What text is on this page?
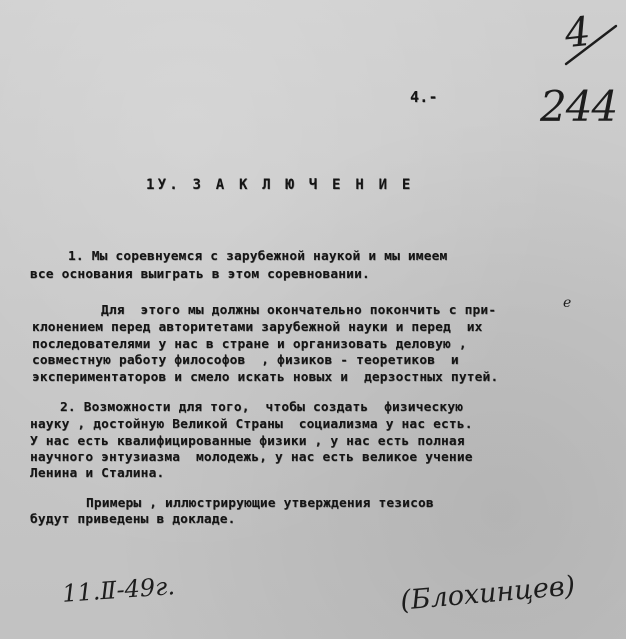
4
244
4.-
1У. З А К Л Ю Ч Е Н И Е
1. Мы соревнуемся с зарубежной наукой и мы имеем
все основания выиграть в этом соревновании.
е
Для  этого мы должны окончательно покончить с при-
клонением перед авторитетами зарубежной науки и перед  их
последователями у нас в стране и организовать деловую ,
совместную работу философов  , физиков - теоретиков  и
экспериментаторов и смело искать новых и  дерзостных путей.
2. Возможности для того,  чтобы создать  физическую
науку , достойную Великой Страны  социализма у нас есть.
У нас есть квалифицированные физики , у нас есть полная
научного энтузиазма  молодежь, у нас есть великое учение
Ленина и Сталина.
Примеры , иллюстрирующие утверждения тезисов
будут приведены в докладе.
11.Ⅱ-49г.	(Блохинцев)
